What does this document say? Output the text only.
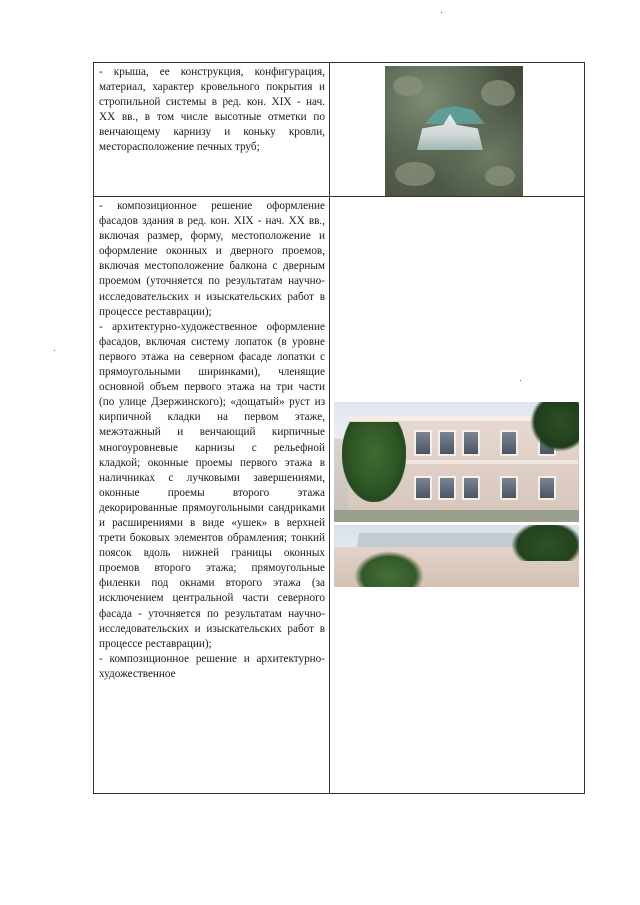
- крыша, ее конструкция, конфигурация, материал, характер кровельного покрытия и стропильной системы в ред. кон. XIX - нач. XX вв., в том числе высотные отметки по венчающему карнизу и коньку кровли, месторасположение печных труб;	

- композиционное решение оформление фасадов здания в ред. кон. XIX - нач. XX вв., включая размер, форму, местоположение и оформление оконных и дверного проемов, включая местоположение балкона с дверным проемом (уточняется по результатам научно-исследовательских и изыскательских работ в процессе реставрации);

- архитектурно-художественное оформление фасадов, включая систему лопаток (в уровне первого этажа на северном фасаде лопатки с прямоугольными ширинками), членящие основной объем первого этажа на три части (по улице Дзержинского); «дощатый» руст из кирпичной кладки на первом этаже, межэтажный и венчающий кирпичные многоуровневые карнизы с рельефной кладкой; оконные проемы первого этажа в наличниках с лучковыми завершениями, оконные проемы второго этажа декорированные прямоугольными сандриками и расширениями в виде «ушек» в верхней трети боковых элементов обрамления; тонкий поясок вдоль нижней границы оконных проемов второго этажа; прямоугольные филенки под окнами второго этажа (за исключением центральной части северного фасада - уточняется по результатам научно-исследовательских и изыскательских работ в процессе реставрации);

- композиционное решение и архитектурно-художественное	
